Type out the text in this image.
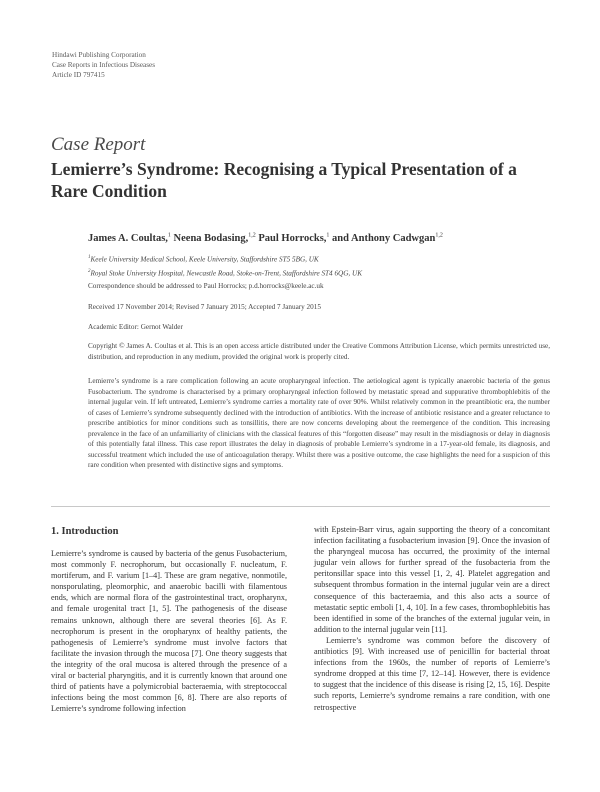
Hindawi Publishing Corporation
Case Reports in Infectious Diseases
Article ID 797415
Case Report
Lemierre’s Syndrome: Recognising a Typical Presentation of a Rare Condition
James A. Coultas,$^1$ Neena Bodasing,$^{1,2}$ Paul Horrocks,$^1$ and Anthony Cadwgan$^{1,2}$
$^1$Keele University Medical School, Keele University, Staffordshire ST5 5BG, UK
$^2$Royal Stoke University Hospital, Newcastle Road, Stoke-on-Trent, Staffordshire ST4 6QG, UK
Correspondence should be addressed to Paul Horrocks; p.d.horrocks@keele.ac.uk
Received 17 November 2014; Revised 7 January 2015; Accepted 7 January 2015
Academic Editor: Gernot Walder
Copyright © James A. Coultas et al. This is an open access article distributed under the Creative Commons Attribution License, which permits unrestricted use, distribution, and reproduction in any medium, provided the original work is properly cited.
Lemierre’s syndrome is a rare complication following an acute oropharyngeal infection. The aetiological agent is typically anaerobic bacteria of the genus Fusobacterium. The syndrome is characterised by a primary oropharyngeal infection followed by metastatic spread and suppurative thrombophlebitis of the internal jugular vein. If left untreated, Lemierre’s syndrome carries a mortality rate of over 90%. Whilst relatively common in the preantibiotic era, the number of cases of Lemierre’s syndrome subsequently declined with the introduction of antibiotics. With the increase of antibiotic resistance and a greater reluctance to prescribe antibiotics for minor conditions such as tonsillitis, there are now concerns developing about the reemergence of the condition. This increasing prevalence in the face of an unfamiliarity of clinicians with the classical features of this “forgotten disease” may result in the misdiagnosis or delay in diagnosis of this potentially fatal illness. This case report illustrates the delay in diagnosis of probable Lemierre’s syndrome in a 17-year-old female, its diagnosis, and successful treatment which included the use of anticoagulation therapy. Whilst there was a positive outcome, the case highlights the need for a suspicion of this rare condition when presented with distinctive signs and symptoms.
1. Introduction

Lemierre’s syndrome is caused by bacteria of the genus Fusobacterium, most commonly F. necrophorum, but occasionally F. nucleatum, F. mortiferum, and F. varium [1–4]. These are gram negative, nonmotile, nonsporulating, pleomorphic, and anaerobic bacilli with filamentous ends, which are normal flora of the gastrointestinal tract, oropharynx, and female urogenital tract [1, 5]. The pathogenesis of the disease remains unknown, although there are several theories [6]. As F. necrophorum is present in the oropharynx of healthy patients, the pathogenesis of Lemierre’s syndrome must involve factors that facilitate the invasion through the mucosa [7]. One theory suggests that the integrity of the oral mucosa is altered through the presence of a viral or bacterial pharyngitis, and it is currently known that around one third of patients have a polymicrobial bacteraemia, with streptococcal infections being the most common [6, 8]. There are also reports of Lemierre’s syndrome following infection

with Epstein-Barr virus, again supporting the theory of a concomitant infection facilitating a fusobacterium invasion [9]. Once the invasion of the pharyngeal mucosa has occurred, the proximity of the internal jugular vein allows for further spread of the fusobacteria from the peritonsillar space into this vessel [1, 2, 4]. Platelet aggregation and subsequent thrombus formation in the internal jugular vein are a direct consequence of this bacteraemia, and this also acts a source of metastatic septic emboli [1, 4, 10]. In a few cases, thrombophlebitis has been identified in some of the branches of the external jugular vein, in addition to the internal jugular vein [11].

Lemierre’s syndrome was common before the discovery of antibiotics [9]. With increased use of penicillin for bacterial throat infections from the 1960s, the number of reports of Lemierre’s syndrome dropped at this time [7, 12–14]. However, there is evidence to suggest that the incidence of this disease is rising [2, 15, 16]. Despite such reports, Lemierre’s syndrome remains a rare condition, with one retrospective
